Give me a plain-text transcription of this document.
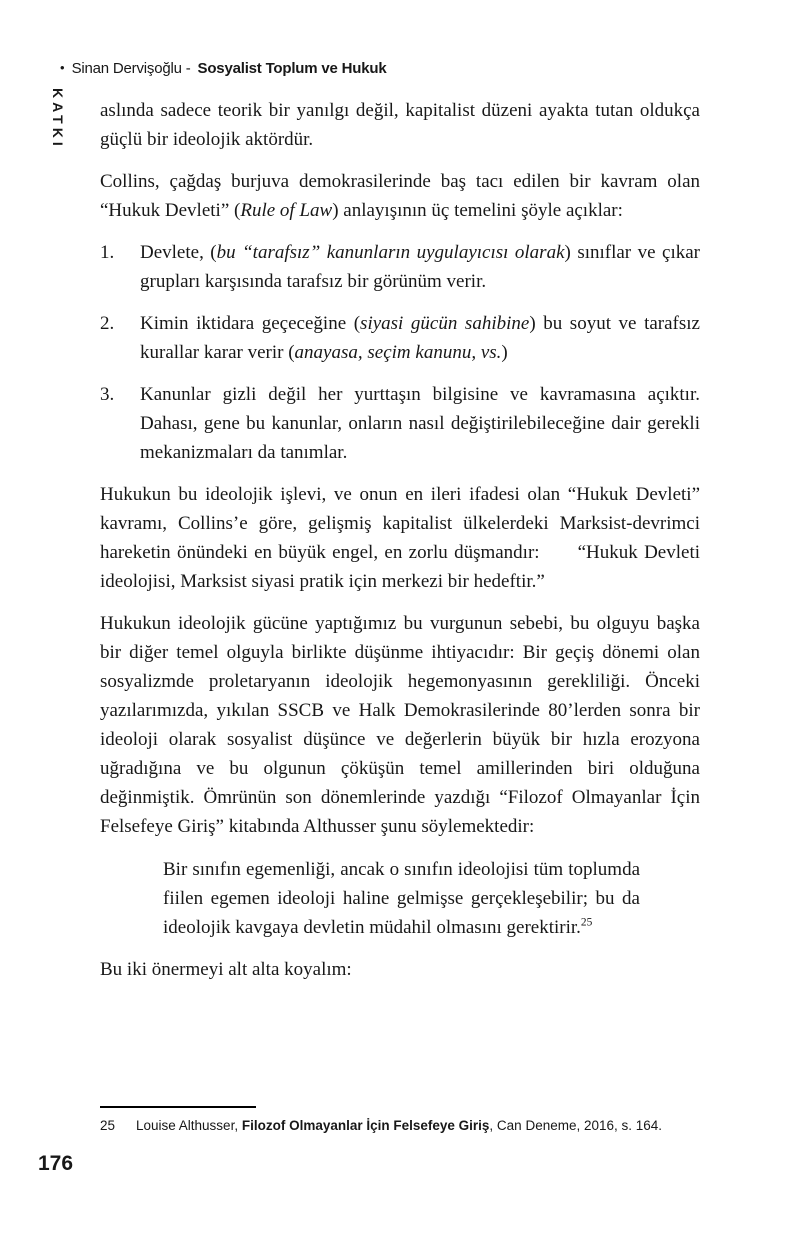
• Sinan Dervişoğlu - Sosyalist Toplum ve Hukuk
KATKI aslında sadece teorik bir yanılgı değil, kapitalist düzeni ayakta tutan oldukça güçlü bir ideolojik aktördür.

Collins, çağdaş burjuva demokrasilerinde baş tacı edilen bir kavram olan “Hukuk Devleti” (Rule of Law) anlayışının üç temelini şöyle açıklar:

1.	Devlete, (bu “tarafsız” kanunların uygulayıcısı olarak) sınıflar ve çıkar grupları karşısında tarafsız bir görünüm verir.
2.	Kimin iktidara geçeceğine (siyasi gücün sahibine) bu soyut ve tarafsız kurallar karar verir (anayasa, seçim kanunu, vs.)
3.	Kanunlar gizli değil her yurttaşın bilgisine ve kavramasına açıktır. Dahası, gene bu kanunlar, onların nasıl değiştirilebileceğine dair gerekli mekanizmaları da tanımlar.

Hukukun bu ideolojik işlevi, ve onun en ileri ifadesi olan “Hukuk Devleti” kavramı, Collins’e göre, gelişmiş kapitalist ülkelerdeki Marksist-devrimci hareketin önündeki en büyük engel, en zorlu düşmandır:      “Hukuk Devleti ideolojisi, Marksist siyasi pratik için merkezi bir hedeftir.”

Hukukun ideolojik gücüne yaptığımız bu vurgunun sebebi, bu olguyu başka bir diğer temel olguyla birlikte düşünme ihtiyacıdır: Bir geçiş dönemi olan sosyalizmde proletaryanın ideolojik hegemonyasının gerekliliği. Önceki yazılarımızda, yıkılan SSCB ve Halk Demokrasilerinde 80’lerden sonra bir ideoloji olarak sosyalist düşünce ve değerlerin büyük bir hızla erozyona uğradığına ve bu olgunun çöküşün temel amillerinden biri olduğuna değinmiştik. Ömrünün son dönemlerinde yazdığı “Filozof Olmayanlar İçin Felsefeye Giriş” kitabında Althusser şunu söylemektedir:

Bir sınıfın egemenliği, ancak o sınıfın ideolojisi tüm toplumda fiilen egemen ideoloji haline gelmişse gerçekleşebilir; bu da ideolojik kavgaya devletin müdahil olmasını gerektirir.$^{25}$

Bu iki önermeyi alt alta koyalım:

25	Louise Althusser, Filozof Olmayanlar İçin Felsefeye Giriş, Can Deneme, 2016, s. 164.
176
